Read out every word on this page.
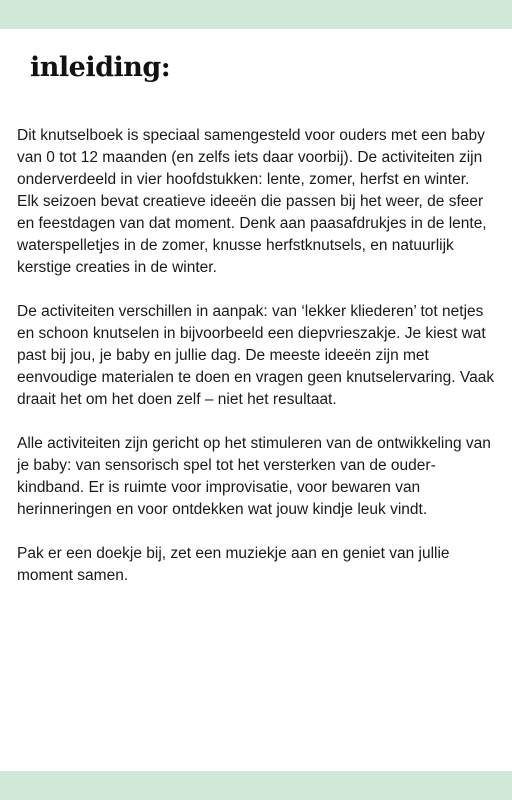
inleiding:

Dit knutselboek is speciaal samengesteld voor ouders met een baby van 0 tot 12 maanden (en zelfs iets daar voorbij). De activiteiten zijn onderverdeeld in vier hoofdstukken: lente, zomer, herfst en winter. Elk seizoen bevat creatieve ideeën die passen bij het weer, de sfeer en feestdagen van dat moment. Denk aan paasafdrukjes in de lente, waterspelletjes in de zomer, knusse herfstknutsels, en natuurlijk kerstige creaties in de winter.

De activiteiten verschillen in aanpak: van ‘lekker kliederen’ tot netjes en schoon knutselen in bijvoorbeeld een diepvrieszakje. Je kiest wat past bij jou, je baby en jullie dag. De meeste ideeën zijn met eenvoudige materialen te doen en vragen geen knutselervaring. Vaak draait het om het doen zelf – niet het resultaat.

Alle activiteiten zijn gericht op het stimuleren van de ontwikkeling van je baby: van sensorisch spel tot het versterken van de ouder-kindband. Er is ruimte voor improvisatie, voor bewaren van herinneringen en voor ontdekken wat jouw kindje leuk vindt.

Pak er een doekje bij, zet een muziekje aan en geniet van jullie moment samen.
